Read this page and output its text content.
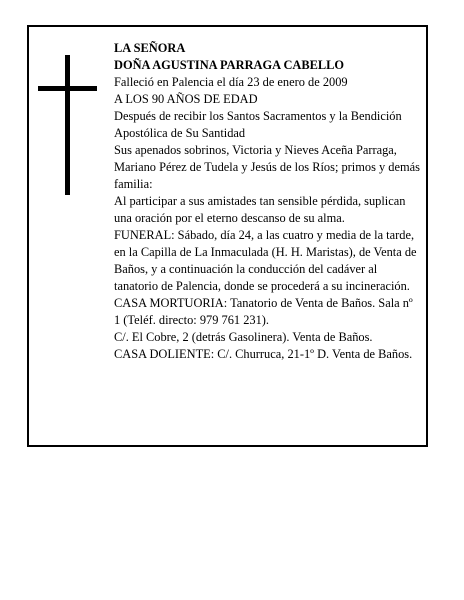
LA SEÑORA

DOÑA AGUSTINA PARRAGA CABELLO

Falleció en Palencia el día 23 de enero de 2009

A LOS 90 AÑOS DE EDAD

Después de recibir los Santos Sacramentos y la Bendición Apostólica de Su Santidad

Sus apenados sobrinos, Victoria y Nieves Aceña Parraga, Mariano Pérez de Tudela y Jesús de los Ríos; primos y demás familia:

Al participar a sus amistades tan sensible pérdida, suplican una oración por el eterno descanso de su alma.

FUNERAL: Sábado, día 24, a las cuatro y media de la tarde, en la Capilla de La Inmaculada (H. H. Maristas), de Venta de Baños, y a continuación la conducción del cadáver al tanatorio de Palencia, donde se procederá a su incineración.

CASA MORTUORIA: Tanatorio de Venta de Baños. Sala nº 1 (Teléf. directo: 979 761 231).

C/. El Cobre, 2 (detrás Gasolinera). Venta de Baños.

CASA DOLIENTE: C/. Churruca, 21-1º D. Venta de Baños.
